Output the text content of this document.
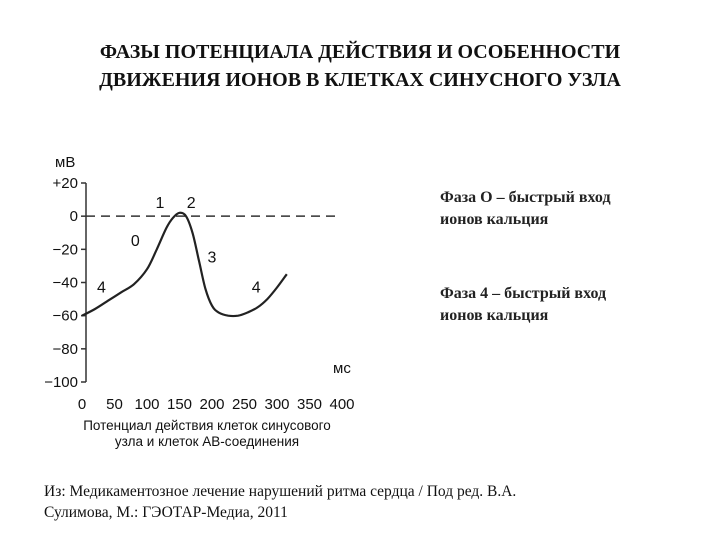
ФАЗЫ ПОТЕНЦИАЛА ДЕЙСТВИЯ И ОСОБЕННОСТИ
ДВИЖЕНИЯ ИОНОВ В КЛЕТКАХ СИНУСНОГО УЗЛА
+20
0
−20
−40
−60
−80
−100
мВ
0 50 100 150 200 250 300 350 400
мс
0
1 2
3
4	4
Потенциал действия клеток синусового
узла и клеток АВ-соединения
Фаза О – быстрый вход
ионов кальция
Фаза 4 – быстрый вход
ионов кальция
Из: Медикаментозное лечение нарушений ритма сердца / Под ред. В.А.
Сулимова, М.: ГЭОТАР-Медиа, 2011
